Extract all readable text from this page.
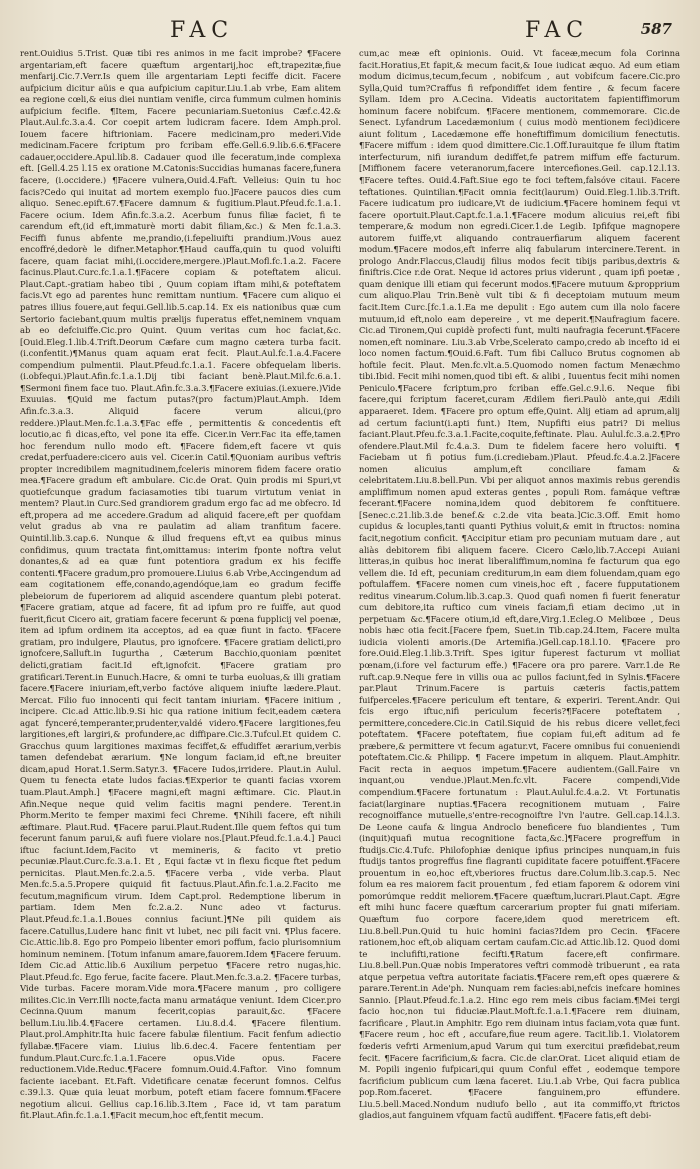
FAC	FAC	587

rent.Ouidius 5.Trist. Quæ tibi res animos in me facit improbe? ¶Facere argentariam,eft facere quæftum argentarij,hoc eft,trapezitæ,fiue menfarij.Cic.7.Verr.Is quem ille argentariam Lepti feciffe dicit. Facere aufpicium dicitur aüis e qua aufpicium capitur.Liu.1.ab vrbe, Eam alitem ea regione cœli,& eius diei nuntiam venifle, circa fummum culmen hominis aufpicium fecifle. ¶Item, Facere pecuniariam.Suetonius Cæf.c.42.& Plaut.Aul.fc.3.a.4. Cor coepit artem ludicram facere. Idem Amph.prol. Iouem facere hiftrioniam. Facere medicinam,pro mederi.Vide medicinam.Facere fcriptum pro fcribam effe.Gell.6.9.lib.6.6.¶Facere cadauer,occidere.Apul.lib.8. Cadauer quod ille feceratum,inde complexa eft. [Gell.4.25 l.15 ex oratione M.Catonis:Succidias humanas facere,funera facere, (i.occidere.) ¶Facere vulnera,Ouid.4.Faft. Velleius: Quin tu hoc facis?Cedo qui inuitat ad mortem exemplo fuo.]Facere paucos dies cum aliquo. Senec.epift.67.¶Facere damnum & fugitium.Plaut.Pfeud.fc.1.a.1. Facere ocium. Idem Afin.fc.3.a.2. Acerbum funus filiæ faciet, fi te carendum eft,(id eft,immaturè morti dabit filiam,&c.) & Men fc.1.a.3. Feciffi funus abfente me,prandio,(i.fepeliuifti prandium.)Vous auez encoffré,dedorè le difner.Metaphor.¶Haud cauffa,quin tu quod voluifti facere, quam faciat mihi,(i.occidere,mergere.)Plaut.Mofl.fc.1.a.2. Facere facinus.Plaut.Curc.fc.1.a.1.¶Facere copiam & poteftatem alicui. Plaut.Capt.-gratiam habeo tibi , Quum copiam iftam mihi,& poteftatem facis.Vt ego ad parentes hunc remittam nuntium. ¶Facere cum aliquo ei patres illius fouere,aut fequi.Gell.lib.5.cap.14. Ex eis nationibus quæ cum Sertorio faciebant,quum multis prælijs fuperatus effet,neminem vnquam ab eo defciuiffe.Cic.pro Quint. Quum veritas cum hoc faciat,&c.[Ouid.Eleg.1.lib.4.Trift.Deorum Cæfare cum magno cætera turba facit.(i.confentit.)¶Manus quam aquam erat fecit. Plaut.Aul.fc.1.a.4.Facere compendium pulmentii. Plaut.Pfeud.fc.1.a.1. Facere obfequelam liberis.(i.obfequi.)Plaut.Afin.fc.1.a.1.Dij tibi faciant benè.Plaut.Mil.fc.6.a.1. ¶Sermoni finem face tuo. Plaut.Afin.fc.3.a.3.¶Facere exiuias.(i.exuere.)Vide Exuuias. ¶Quid me factum putas?(pro factum)Plaut.Amph. Idem Afin.fc.3.a.3. Aliquid facere verum alicui,(pro reddere.)Plaut.Men.fc.1.a.3.¶Fac effe , permittentis & concedentis eft locutio,ac fi dicas,efto, vel pone ita effe. Cicer.in Verr.Fac ita effe,tamen hoc ferendum nullo modo eft. ¶Facere fidem,eft facere vt quis credat,perfuadere:cicero auis vel. Cicer.in Catil.¶Quoniam auribus veftris propter incredibilem magnitudinem,fceleris minorem fidem facere oratio mea.¶Facere gradum eft ambulare. Cic.de Orat. Quin prodis mi Spuri,vt quotiefcunque gradum faciasamoties tibi tuarum virtutum veniat in mentem? Plaut.in Curc.Sed grandiorem gradum ergo fac ad me obfecro. Id eft,propera ad me accedere.Gradum ad aliquid facere,eft per quofdam velut gradus ab vna re paulatim ad aliam tranfitum facere. Quintil.lib.3.cap.6. Nunque & illud frequens eft,vt ea quibus minus confidimus, quum tractata fint,omittamus: interim fponte noftra velut donantes,& ad ea quæ funt potentiora gradum ex his feciffe contenti.¶Facere gradum,pro promouere.Liuius 6.ab Vrbe,Accingendum ad eam cogitationem effe,conando,agendóque,iam eo gradum feciffe plebeiorum de fuperiorem ad aliquid ascendere quantum plebi poterat. ¶Facere gratiam, atque ad facere, fit ad ipfum pro re fuiffe, aut quod fuerit,ficut Cicero ait, gratiam facere fecerunt & pœna fupplicij vel poenæ, item ad ipfum ordinem ita acceptos, ad ea quæ fiunt in facto. ¶Facere gratiam, pro indulgere, Plautus, pro ignofcere. ¶Facere gratiam delicti,pro ignofcere,Salluft.in Iugurtha , Cæterum Bacchio,quoniam pœnitet delicti,gratiam facit.Id eft,ignofcit. ¶Facere gratiam pro gratificari.Terent.in Eunuch.Hacre, & omni te turba euoluas,& illi gratiam facere.¶Facere iniuriam,eft,verbo factóve aliquem iniufte lædere.Plaut. Mercat. Filio fuo innocenti qui fecit tantam iniuriam. ¶Facere initium , incipere. Cic.ad Attic.lib.9.Si hic qua ratione initium fecit,eadem cætera agat fynceré,temperanter,prudenter,valdé videro.¶Facere largitiones,feu largitiones,eft largiri,& profundere,ac diffipare.Cic.3.Tufcul.Et quidem C. Gracchus quum largitiones maximas feciffet,& effudiffet ærarium,verbis tamen defendebat ærarium. ¶Ne longum faciam,id eft,ne breuiter dicam,apud Horat.1.Serm.Satyr.3. ¶Facere Iudos,irridere. Plaut.in Aulul. Quem tu fenecta etate ludos facias.¶Experior te quanti facias vxorem tuam.Plaut.Amph.] ¶Facere magni,eft magni æftimare. Cic. Plaut.in Afin.Neque neque quid velim facitis magni pendere. Terent.in Phorm.Merito te femper maximi feci Chreme. ¶Nihili facere, eft nihili æftimare. Plaut.Rud. ¶Facere parui.Plaut.Rudent.Ille quem feftos qui tum fecerunt fanum parui,& aufi fuere violare nos.[Plaut.Pfeud.fc.1.a.4.] Pauci iftuc faciunt.Idem,Facito vt memineris, & facito vt pretio pecuniæ.Plaut.Curc.fc.3.a.1. Et , Equi factæ vt in flexu ficque ftet pedum pernicitas. Plaut.Men.fc.2.a.5. ¶Facere verba , vide verba. Plaut Men.fc.5.a.5.Propere quiquid fit factuus.Plaut.Afin.fc.1.a.2.Facito me fecutum,magnificum virum. Idem Capt.prol. Redemptione liberum in partiam. Idem Men fc.2.a.2. Nunc adeo vt facturus. Plaut.Pfeud.fc.1.a.1.Boues connius faciunt.]¶Ne pili quidem ais facere.Catullus,Ludere hanc finit vt lubet, nec pili facit vni. ¶Plus facere. Cic.Attic.lib.8. Ego pro Pompeio libenter emori poffum, facio plurisomnium hominum neminem. [Totum infanum amare,fauorem.Idem ¶Facere feruum. Idem Cic.ad Attic.lib.6 Auxilium perpetuo ¶Facere retro nugas,hic. Plaut.Pfeud.fc. Ego ferue, facite facere. Plaut.Men.fc.3.a.2. ¶Facere turbas, Vide turbas. Facere moram.Vide mora.¶Facere manum , pro colligere milites.Cic.in Verr.Illi nocte,facta manu armatáque veniunt. Idem Cicer.pro Cecinna.Quum manum fecerit,copias parauit,&c. ¶Facere bellum.Liu.lib.4.¶Facere certamen. Liu.8.d.4. ¶Facere filentium. Plaut.prol.Amphitr.Ita huic facere fabulæ filentium. Facit fenfum adiectio fyllabæ.¶Facere viam. Liuius lib.6.dec.4. Facere fententiam per fundum.Plaut.Curc.fc.1.a.1.Facere opus.Vide opus. Facere reductionem.Vide.Reduc.¶Facere fomnum.Ouid.4.Faftor. Vino fomnum faciente iacebant. Et.Faft. Videtificare cenatæ fecerunt fomnos. Celfus c.39.l.3. Quæ quia leuat morbum, poteft etiam facere fomnum.¶Facere negotium alicui. Gellius cap.16.lib.3.Item , Face id, vt tam paratum fit.Plaut.Afin.fc.1.a.1.¶Facit mecum,hoc eft,fentit mecum.

cum,ac meæ eft opinionis. Ouid. Vt faceæ,mecum fola Corinna facit.Horatius,Et fapit,& mecum facit,& Ioue iudicat æquo. Ad eum etiam modum dicimus,tecum,fecum , nobifcum , aut vobifcum facere.Cic.pro Sylla,Quid tum?Craffus fi refpondiffet idem fentire , & fecum facere Syllam. Idem pro A.Cecina. Videatis auctoritatem fapientiffimorum hominum facere nobifcum. ¶Facere mentionem, commemorare. Cic.de Senect. Lyfandrum Lacedæmonium ( cuius modò mentionem feci)dicere aiunt folitum , Lacedæmone effe honeftiffimum domicilium fenectutis. ¶Facere miffum : idem quod dimittere.Cic.1.Off.Iurauitque fe illum ftatim interfecturum, nifi iurandum dediffet,fe patrem miffum effe facturum.[Miffionem facere veteranorum,facere intercefiones.Geil. cap.12.l.13. ¶Facere teftes. Ouid.4.Faft.Siue ego te foci teftem,falsóve citaui. Facere teftationes. Quintilian.¶Facit omnia fecit(laurum) Ouid.Eleg.1.lib.3.Trift. Facere iudicatum pro iudicare,Vt de iudicium.¶Facere hominem fequi vt facere oportuit.Plaut.Capt.fc.1.a.1.¶Facere modum alicuius rei,eft fibi temperare,& modum non egredi.Cicer.1.de Legib. Ipfifque magnopere autorem fuiffe,vt aliquando contrauerfiarum aliquem facerent modum.¶Facere modos,eft inferre aliq fabularum intercinere.Terent. in prologo Andr.Flaccus,Claudij filius modos fecit tibijs paribus,dextris & finiftris.Cice r.de Orat. Neque id actores prius viderunt , quam ipfi poetæ , quam denique illi etiam qui fecerunt modos.¶Facere mutuum &propprium cum aliquo.Plau Trin.Benè vult tibi & fi deceptoiam mutuum meum facit.Item Curc.[fc.1.a.1.Ea me depulit : Ego autem cum illa nolo facere mutuum,id eft,nolo eam depereire , vt me deperit.¶Naufragium facere. Cic.ad Tironem,Qui cupidè profecti funt, multi naufragia fecerunt.¶Facere nomen,eft nominare. Liu.3.ab Vrbe,Scelerato campo,credo ab incefto id ei loco nomen factum.¶Ouid.6.Faft. Tum fibi Calluco Brutus cognomen ab hoftile fecit. Plaut. Men.fc.vlt.a.5.Quomodo nomen factum Menæchmo tibi.Ibid. Fecit mihi nomen,quod tibi eft. & alibi , Iuuentus fecit mihi nomen Peniculo.¶Facere fcriptum,pro fcriban effe.Gel.c.9.l.6. Neque fibi facere,qui fcriptum faceret,curam Ædilem fieri.Paulò ante,qui Ædili apparaeret. Idem. ¶Facere pro optum effe,Quint. Alij etiam ad aprum,alij ad certum faciunt(i.apti funt.) Item, Nupfifti eius patri? Di melius faciant.Plaut.Pfeu.fc.3.a.1.Facite,coquite,feftinate. Plau. Aulul.fc.3.a.2.¶Pro ofendere.Plaut.Mil fc.4.a.3. Dum te fidelem facere hero voluifti. ¶ Faciebam ut fi potius fum.(i.crediebam.)Plaut. Pfeud.fc.4.a.2.]Facere nomen alicuius amplum,eft conciliare famam & celebritatem.Liu.8.bell.Pun. Vbi per aliquot annos maximis rebus gerendis ampliffimum nomen apud exteras gentes , populi Rom. famáque veftræ fecerant.¶Facere nomina,idem quod debitorem fe conftituere.[Senec.c.21.lib.3.de benef.& c.2.de vita beata.]Cic.3.Off. Emit homo cupidus & locuples,tanti quanti Pythius voluit,& emit in ftructos: nomina facit,negotium conficit. ¶Accipitur etiam pro pecuniam mutuam dare , aut aliàs debitorem fibi aliquem facere. Cicero Cælo,lib.7.Accepi Auiani litteras,in quibus hoc inerat liberaliffimum,nomina fe facturum qua ego vellem die. Id eft, pecuniam crediturum,in eam diem foluendam,quam ego poftulaffem. ¶Facere nomen cum vineis,hoc eft , facere fupputationem reditus vinearum.Colum.lib.3.cap.3. Quod quafi nomen fi fuerit feneratur cum debitore,ita ruftico cum vineis faciam,fi etiam decimo ,ut in perpetuam &c.¶Facere otium,id eft,dare,Virg.1.Ecleg.O Melibœe , Deus nobis hæc otia fecit.[Facere fpem, Suet.in Tib.cap.24.Item, Facere multa iudicia violenti amoris.(De Artemifia.)Gell.cap.18.l.10. ¶Facere pro fore.Ouid.Eleg.1.lib.3.Trift. Spes igitur fuperest facturum vt molliat pœnam,(i.fore vel facturum effe.) ¶Facere ora pro parere. Varr.1.de Re ruft.cap.9.Neque fere in villis oua ac pullos faciunt,fed in Sylnis.¶Facere par.Plaut Trinum.Facere is partuis cæteris factis,pattem fuifperceles.¶Facere periculum eft tentare, & experiri. Terent.Andr. Qui fcis ergo iftuc,nifi periculum feceris?¶Facere poteftatem , permittere,concedere.Cic.in Catil.Siquid de his rebus dicere vellet,feci poteftatem. ¶Facere poteftatem, fiue copiam fui,eft aditum ad fe præbere,& permittere vt fecum agatur.vt, Facere omnibus fui conueniendi poteftatem.Cic.& Philipp. ¶ Facere impetum in aliquem. Plaut.Amphitr. Facit recta in aequos impetum.¶Facere audientem.(Gall.Faire vn inquant,ou vendue.)Plaut.Men.fc.vlt. Facere compendi,Vide compendium.¶Facere fortunatum : Plaut.Aulul.fc.4.a.2. Vt Fortunatis faciat(larginare nuptias.¶Facera recognitionem mutuam , Faire recognoiffance mutuelle,s'entre-recognoiftre l'vn l'autre. Gell.cap.14.l.3. De Leone caufa & lingua Androclo beneficere fuo blandientes , Tum (inquit)quafi mutua recognitione facta,&c.]¶Facere progreffum in ftudijs.Cic.4.Tufc. Philofophiæ denique ipfius principes nunquam,in fuis ftudijs tantos progreffus fine flagranti cupiditate facere potuiffent.¶Facere prouentum in eo,hoc eft,vberiores fructus dare.Colum.lib.3.cap.5. Nec folum ea res maiorem facit prouentum , fed etiam faporem & odorem vini pomorúmque reddit meliorem.¶Facere quæftum,lucrari.Plaut.Capt. Ægre eft mihi hunc facere quæftum carcerarium propter fui gnati miferiam. Quæftum fuo corpore facere,idem quod meretricem eft. Liu.8.bell.Pun.Quid tu huic homini facias?Idem pro Cecin. ¶Facere rationem,hoc eft,ob aliquam certam caufam.Cic.ad Attic.lib.12. Quod domi te inclufifti,ratione fecifti.¶Ratum facere,eft confirmare. Liu.8.bell.Pun.Quæ nobis Imperatores veftri commodè tribuerunt , ea rata atque perpetua veftra autoritate faciatis.¶Facere rem,eft opes quærere & parare.Terent.in Ade'ph. Nunquam rem facies:abi,nefcis inefcare homines Sannio. [Plaut.Pfeud.fc.1.a.2. Hinc ego rem meis cibus faciam.¶Mei tergi facio hoc,non tui fiduciæ.Plaut.Moft.fc.1.a.1.¶Facere rem diuinam, facrificare , Plaut.in Amphitr. Ego rem diuinam intus faciam,vota quæ funt. ¶Facere reum , hoc eft , accufare,fiue reum agere. Tacit.lib.1. Violatorem fœderis vefrti Armenium,apud Varum qui tum exercitui præfidebat,reum fecit. ¶Facere facrificium,& facra. Cic.de clar.Orat. Licet aliquid etiam de M. Popili ingenio fufpicari,qui quum Conful effet , eodemque tempore facrificium publicum cum læna faceret. Liu.1.ab Vrbe, Qui facra publica pop.Rom.faceret. ¶Facere fanguinem,pro effundere. Liu.5.bell.Maced.Nondum nudiufo bello , aut ita commiffo,vt ftrictos gladios,aut fanguinem vfquam factū audiffent. ¶Facere fatis,eft debi-
